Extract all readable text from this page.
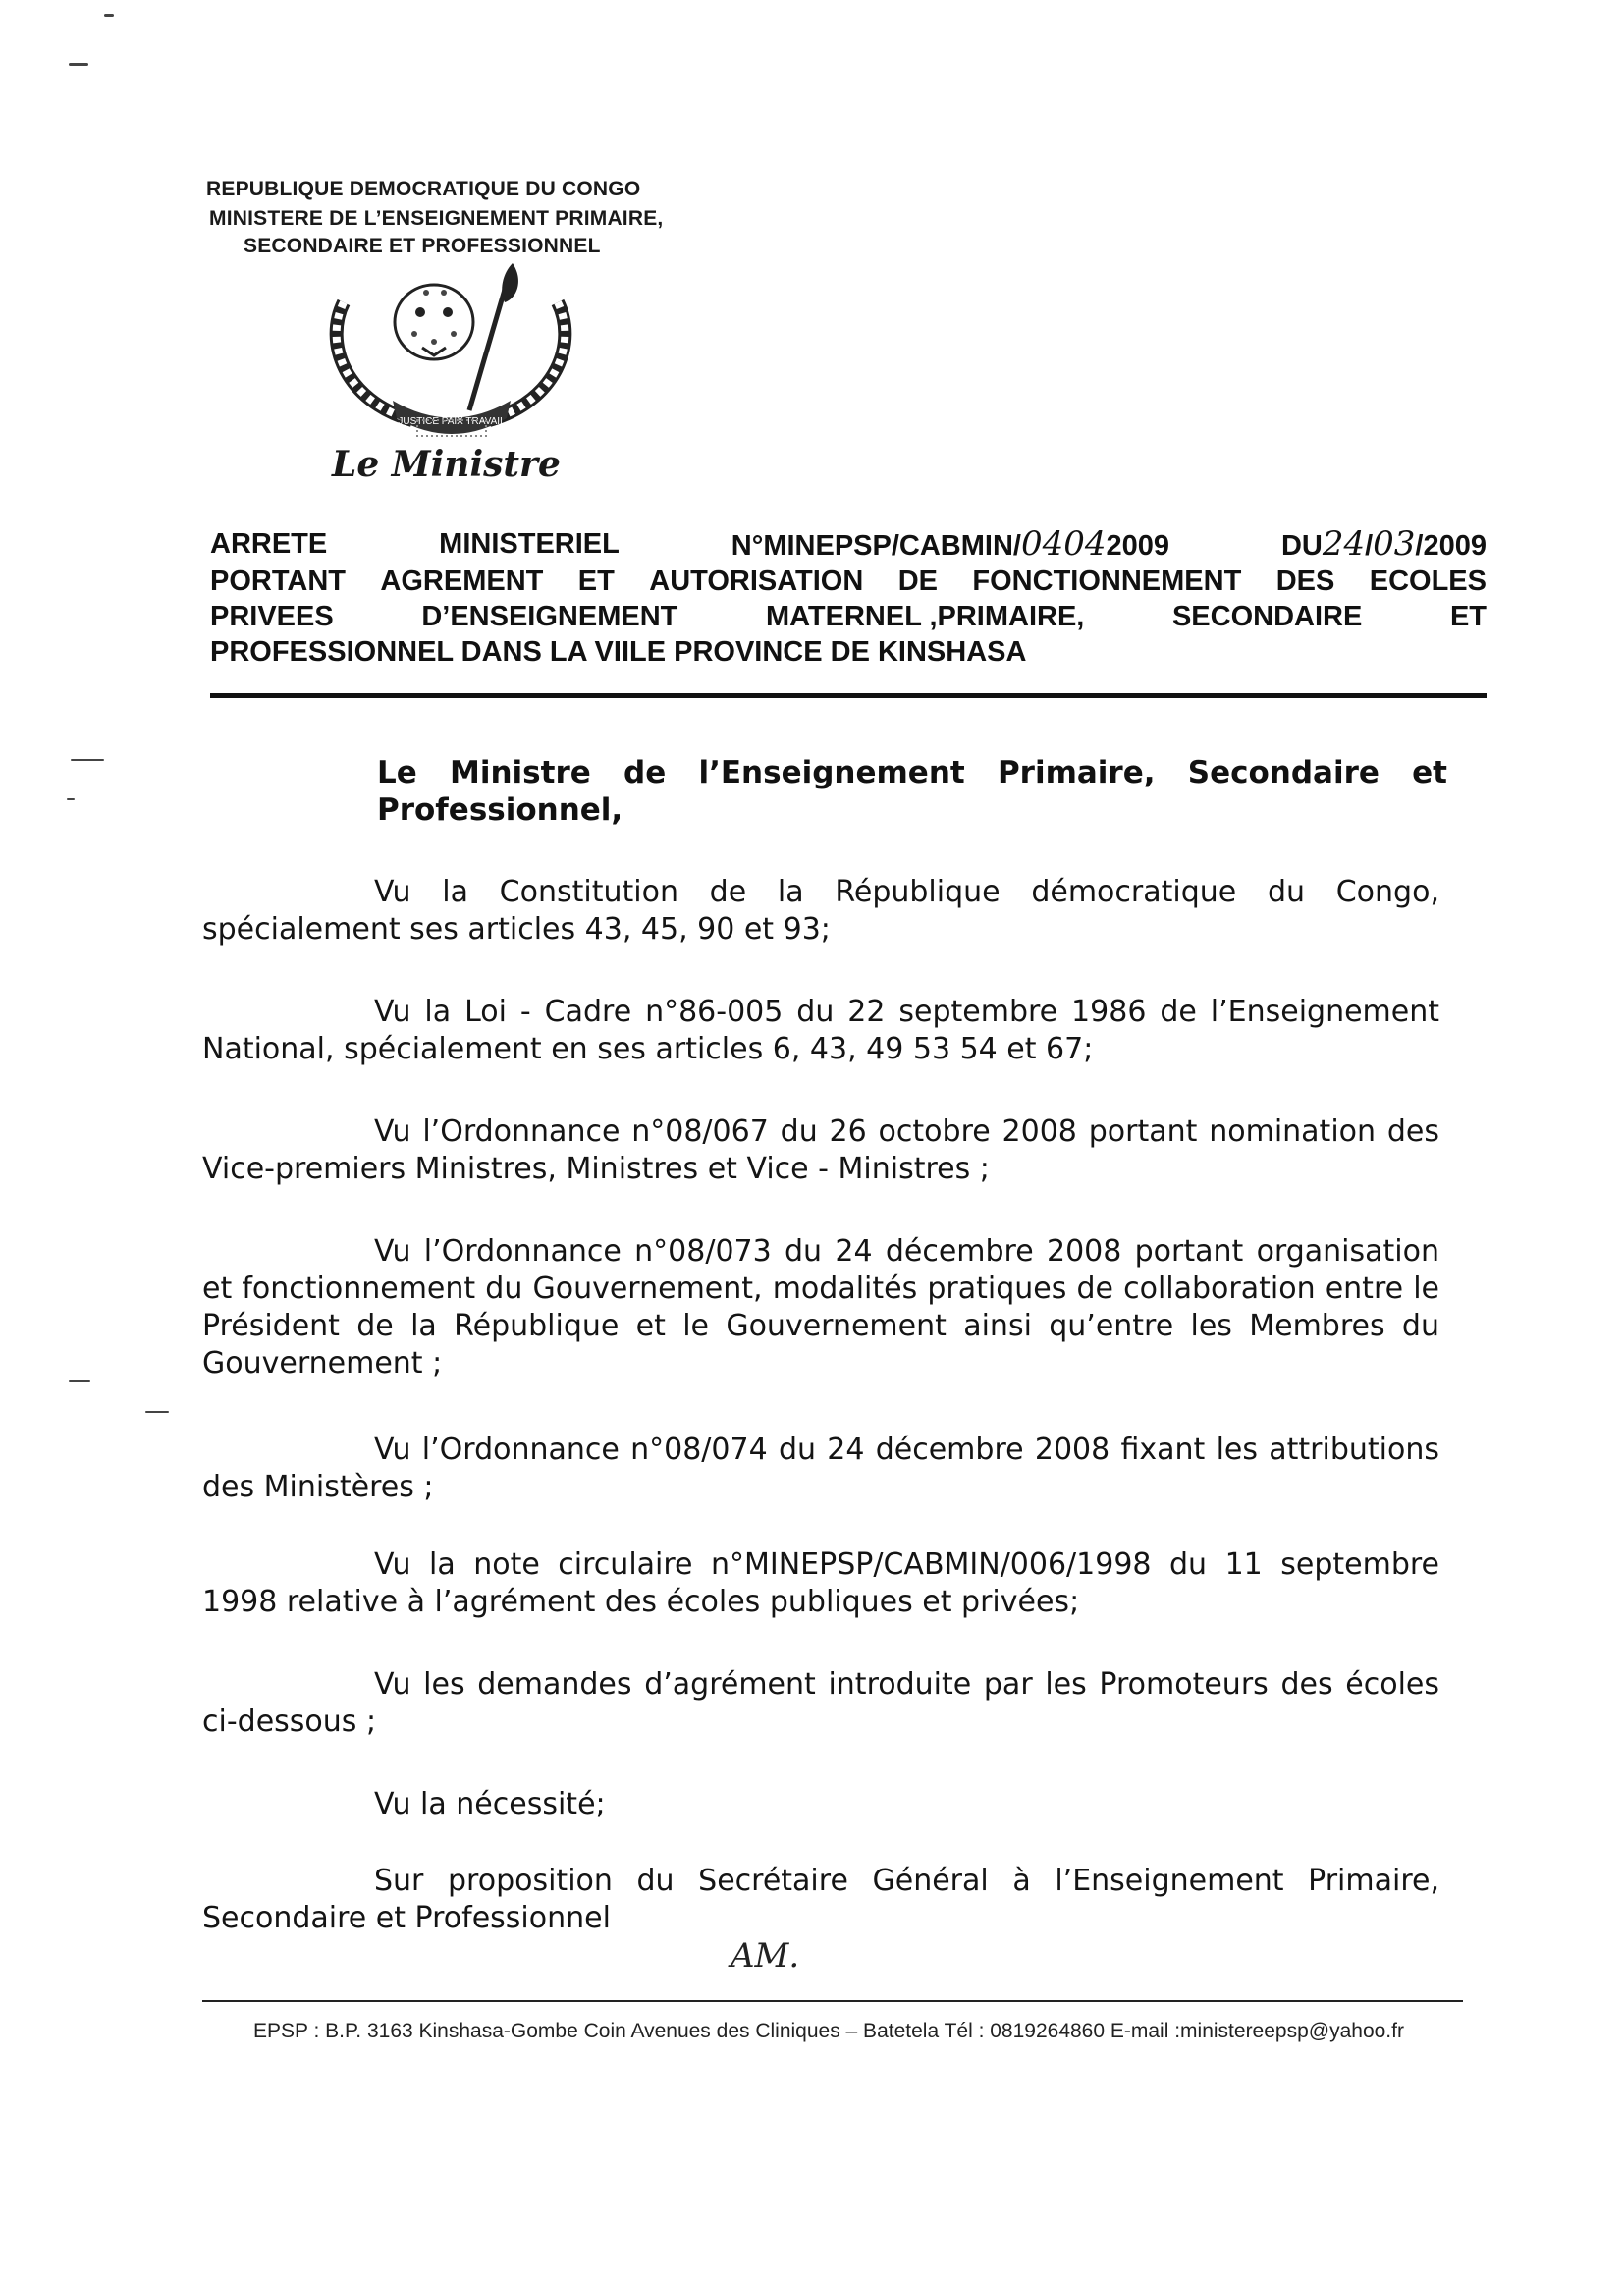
REPUBLIQUE DEMOCRATIQUE DU CONGO
MINISTERE DE L’ENSEIGNEMENT PRIMAIRE,
SECONDAIRE ET PROFESSIONNEL
JUSTICE PAIX TRAVAIL
Le Ministre
ARRETE	MINISTERIEL	N°MINEPSP/CABMIN/04042009	DU24/03/2009
PORTANT AGREMENT ET AUTORISATION DE FONCTIONNEMENT DES ECOLES
PRIVEES	D’ENSEIGNEMENT	MATERNEL ,PRIMAIRE,	SECONDAIRE	ET
PROFESSIONNEL DANS LA VIILE PROVINCE DE KINSHASA
Le Ministre de l’Enseignement Primaire, Secondaire et
Professionnel,
Vu la Constitution de la République démocratique du Congo, spécialement ses articles 43, 45, 90 et 93;
Vu la Loi - Cadre n°86-005 du 22 septembre 1986 de l’Enseignement National, spécialement en ses articles 6, 43, 49 53 54 et 67;
Vu l’Ordonnance n°08/067 du 26 octobre 2008 portant nomination des Vice-premiers Ministres, Ministres et Vice - Ministres ;
Vu l’Ordonnance n°08/073 du 24 décembre 2008 portant organisation et fonctionnement du Gouvernement, modalités pratiques de collaboration entre le Président de la République et le Gouvernement ainsi qu’entre les Membres du Gouvernement ;
Vu l’Ordonnance n°08/074 du 24 décembre 2008 fixant les attributions des Ministères ;
Vu la note circulaire n°MINEPSP/CABMIN/006/1998 du 11 septembre 1998 relative à l’agrément des écoles publiques et privées;
Vu les demandes d’agrément introduite par les Promoteurs des écoles ci-dessous ;
Vu la nécessité;
Sur proposition du Secrétaire Général à l’Enseignement Primaire, Secondaire et Professionnel
AM.
EPSP : B.P. 3163 Kinshasa-Gombe Coin Avenues des Cliniques – Batetela Tél : 0819264860 E-mail :ministereepsp@yahoo.fr
